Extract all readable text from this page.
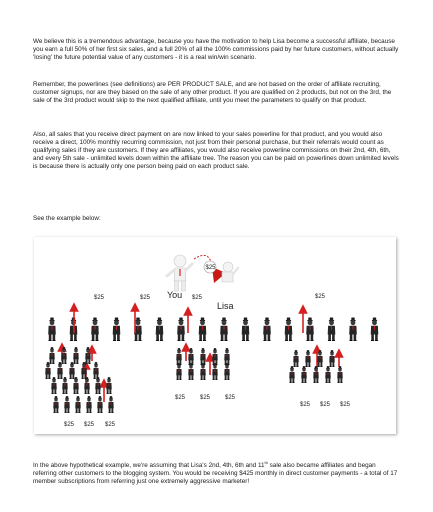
We believe this is a tremendous advantage, because you have the motivation to help Lisa become a successful affiliate, because you earn a full 50% of her first six sales, and a full 20% of all the 100% commissions paid by her future customers, without actually 'losing' the future potential value of any customers - it is a real win/win scenario.

Remember, the powerlines (see definitions) are PER PRODUCT SALE, and are not based on the order of affiliate recruiting, customer signups, nor are they based on the sale of any other product. If you are qualified on 2 products, but not on the 3rd, the sale of the 3rd product would skip to the next qualified affiliate, until you meet the parameters to qualify on that product.

Also, all sales that you receive direct payment on are now linked to your sales powerline for that product, and you would also receive a direct, 100% monthly recurring commission, not just from their personal purchase, but their referrals would count as qualifying sales if they are customers. If they are affiliates, you would also receive powerline commissions on their 2nd, 4th, 6th, and every 5th sale - unlimited levels down within the affiliate tree. The reason you can be paid on powerlines down unlimited levels is because there is actually only one person being paid on each product sale.

See the example below:

$25
You
Lisa
$25	$25	$25	$25
$25 $25 $25
$25 $25 $25
$25 $25 $25

In the above hypothetical example, we're assuming that Lisa's 2nd, 4th, 6th and 11th sale also became affiliates and began referring other customers to the blogging system. You would be receiving $425 monthly in direct customer payments - a total of 17 member subscriptions from referring just one extremely aggressive marketer!
